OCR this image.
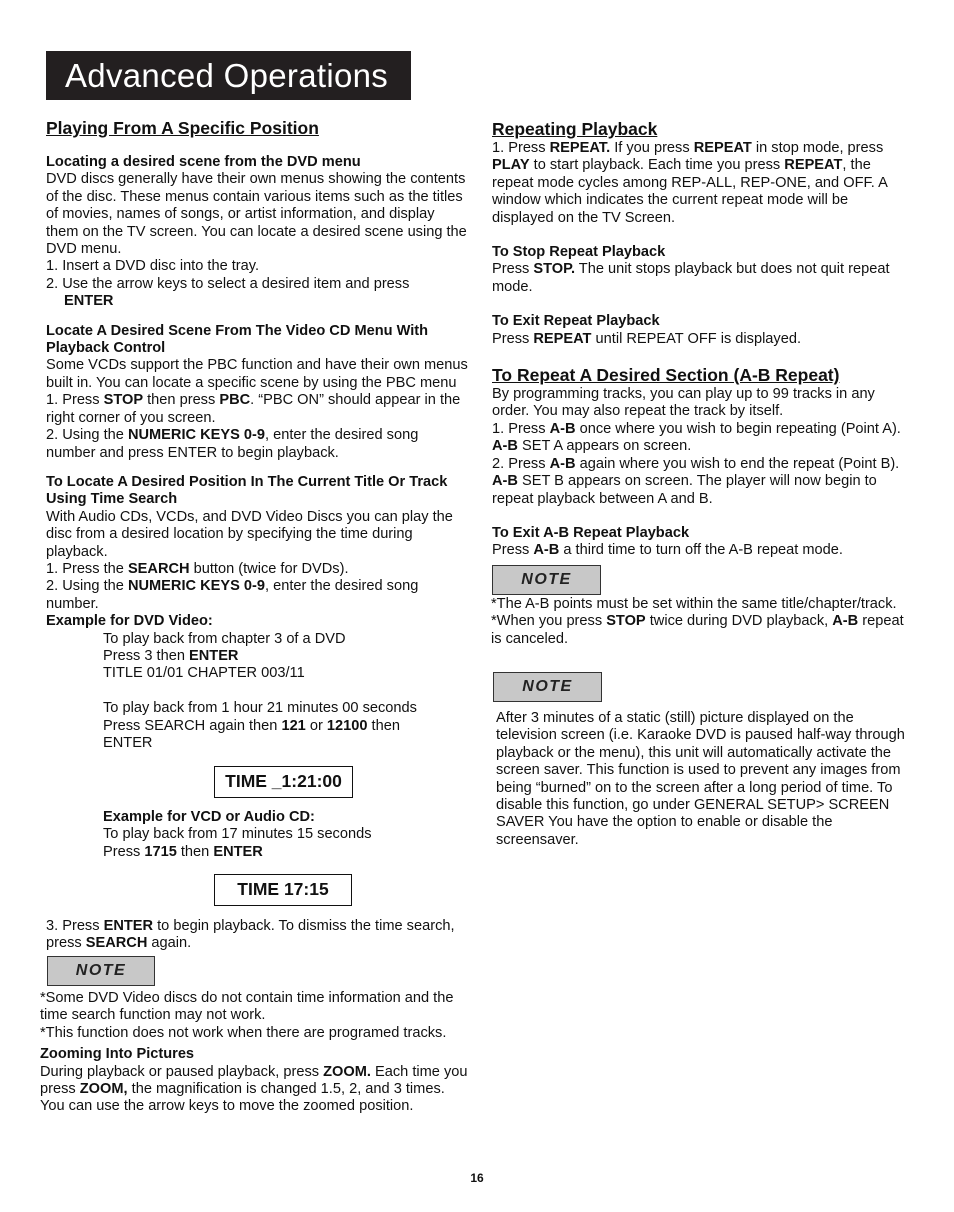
Advanced Operations

Playing From A Specific Position

Locating a desired scene from the DVD menu

DVD discs generally have their own menus showing the contents of the disc. These menus contain various items such as the titles of movies, names of songs, or artist information, and display them on the TV screen. You can locate a desired scene using the DVD menu.

1. Insert a DVD disc into the tray.

2. Use the arrow keys to select a desired item and press
ENTER

Locate A Desired Scene From The Video CD Menu With Playback Control

Some VCDs support the PBC function and have their own menus built in. You can locate a specific scene by using the PBC menu

1. Press STOP then press PBC. “PBC ON” should appear in the right corner of you screen.

2. Using the NUMERIC KEYS 0-9, enter the desired song number and press ENTER to begin playback.

To Locate A Desired Position In The Current Title Or Track Using Time Search

With Audio CDs, VCDs, and DVD Video Discs you can play the disc from a desired location by specifying the time during playback.

1. Press the SEARCH button (twice for DVDs).

2. Using the NUMERIC KEYS 0-9, enter the desired song number.

Example for DVD Video:

To play back from chapter 3 of a DVD

Press 3 then ENTER

TITLE 01/01 CHAPTER 003/11

To play back from 1 hour 21 minutes 00 seconds

Press SEARCH again then 121 or 12100 then

ENTER

TIME _1:21:00

Example for VCD or Audio CD:

To play back from 17 minutes 15 seconds

Press 1715 then ENTER

TIME 17:15

3. Press ENTER to begin playback. To dismiss the time search, press SEARCH again.

NOTE

*Some DVD Video discs do not contain time information and the time search function may not work.

*This function does not work when there are programed tracks.

Zooming Into Pictures

During playback or paused playback, press ZOOM. Each time you press ZOOM, the magnification is changed 1.5, 2, and 3 times. You can use the arrow keys to move the zoomed position.

Repeating Playback

1. Press REPEAT. If you press REPEAT in stop mode, press PLAY to start playback. Each time you press REPEAT, the repeat mode cycles among REP-ALL, REP-ONE, and OFF. A window which indicates the current repeat mode will be displayed on the TV Screen.

To Stop Repeat Playback

Press STOP. The unit stops playback but does not quit repeat mode.

To Exit Repeat Playback

Press REPEAT until REPEAT OFF is displayed.

To Repeat A Desired Section (A-B Repeat)

By programming tracks, you can play up to 99 tracks in any order. You may also repeat the track by itself.

1. Press A-B once where you wish to begin repeating (Point A). A-B SET A appears on screen.

2. Press A-B again where you wish to end the repeat (Point B). A-B SET B appears on screen. The player will now begin to repeat playback between A and B.

To Exit A-B Repeat Playback

Press A-B a third time to turn off the A-B repeat mode.

NOTE

*The A-B points must be set within the same title/chapter/track.

*When you press STOP twice during DVD playback, A-B repeat is canceled.

NOTE

After 3 minutes of a static (still) picture displayed on the television screen (i.e. Karaoke DVD is paused half-way through playback or the menu), this unit will automatically activate the screen saver. This function is used to prevent any images from being “burned” on to the screen after a long period of time. To disable this function, go under GENERAL SETUP> SCREEN SAVER You have the option to enable or disable the screensaver.

16
